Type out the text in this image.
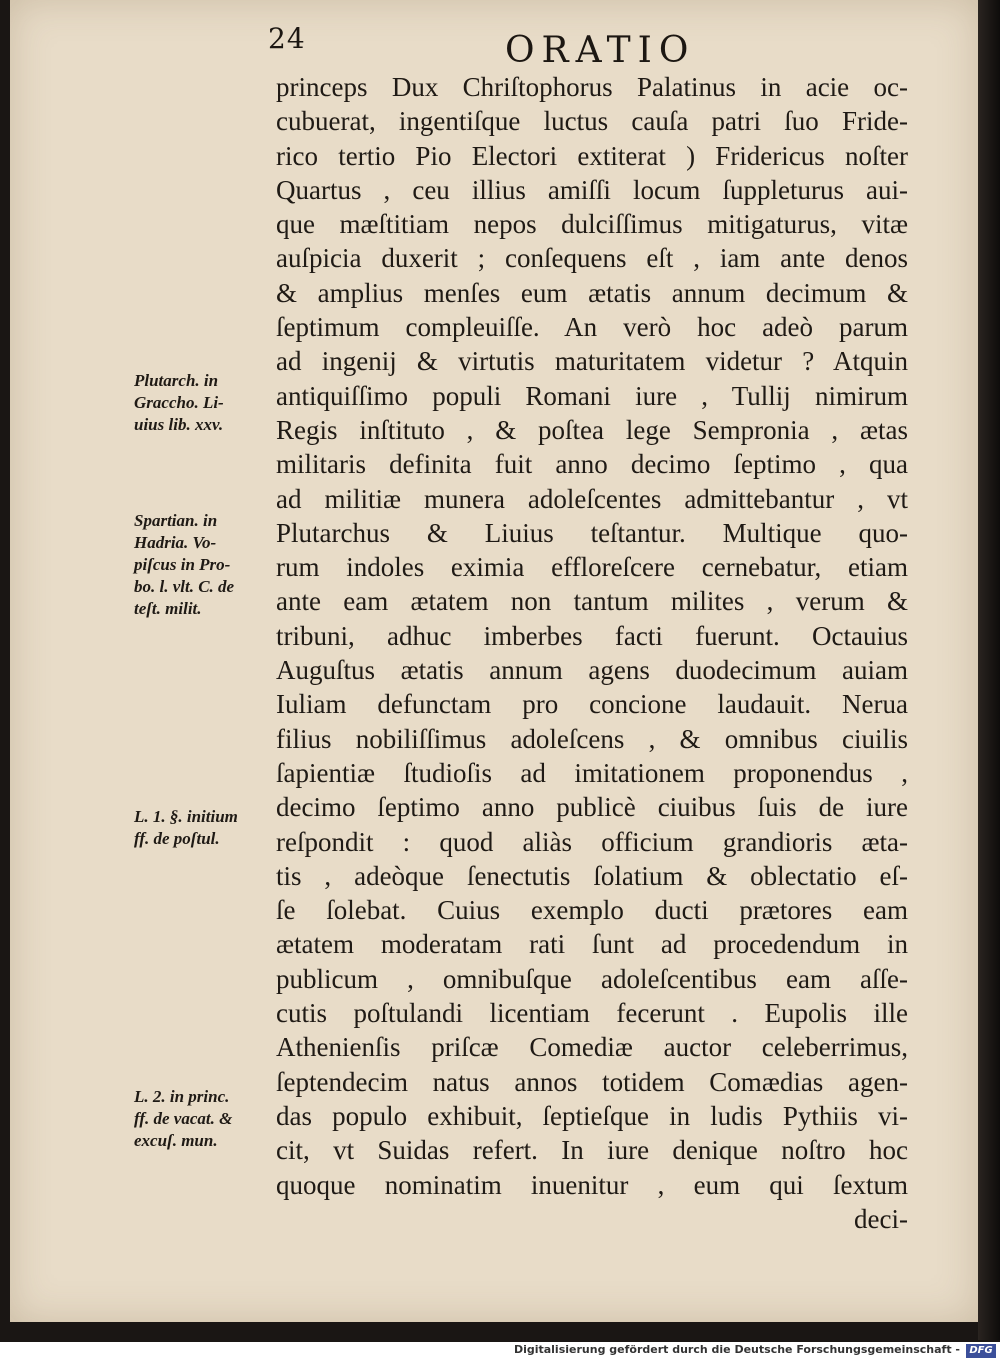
24	ORATIO
princeps Dux Chriſtophorus Palatinus in acie oc-
cubuerat, ingentiſque luctus cauſa patri ſuo Fride-
rico tertio Pio Electori extiterat ) Fridericus noſter
Quartus , ceu illius amiſſi locum ſuppleturus aui-
que mæſtitiam nepos dulciſſimus mitigaturus, vitæ
auſpicia duxerit ; conſequens eſt , iam ante denos
& amplius menſes eum ætatis annum decimum &
ſeptimum compleuiſſe. An verò hoc adeò parum
ad ingenij & virtutis maturitatem videtur ? Atquin
antiquiſſimo populi Romani iure , Tullij nimirum
Regis inſtituto , & poſtea lege Sempronia , ætas
militaris definita fuit anno decimo ſeptimo , qua
ad militiæ munera adoleſcentes admittebantur , vt
Plutarchus & Liuius teſtantur. Multique quo-
rum indoles eximia efflorеſcere cernebatur, etiam
ante eam ætatem non tantum milites , verum &
tribuni, adhuc imberbes facti fuerunt. Octauius
Auguſtus ætatis annum agens duodecimum auiam
Iuliam defunctam pro concione laudauit. Nerua
filius nobiliſſimus adoleſcens , & omnibus ciuilis
ſapientiæ ſtudioſis ad imitationem proponendus ,
decimo ſeptimo anno publicè ciuibus ſuis de iure
reſpondit : quod aliàs officium grandioris æta-
tis , adeòque ſenectutis ſolatium & oblectatio eſ-
ſe ſolebat. Cuius exemplo ducti prætores eam
ætatem moderatam rati ſunt ad procedendum in
publicum , omnibuſque adoleſcentibus eam aſſe-
cutis poſtulandi licentiam fecerunt . Eupolis ille
Athenienſis priſcæ Comediæ auctor celeberrimus,
ſeptendecim natus annos totidem Comædias agen-
das populo exhibuit, ſeptieſque in ludis Pythiis vi-
cit, vt Suidas refert. In iure denique noſtro hoc
quoque nominatim inuenitur , eum qui ſextum
deci-
Plutarch. in
Graccho. Li-
uius lib. xxv.
Spartian. in
Hadria. Vo-
piſcus in Pro-
bo. l. vlt. C. de
teſt. milit.
L. 1. §. initium
ff. de poſtul.
L. 2. in princ.
ff. de vacat. &
excuſ. mun.
Digitalisierung gefördert durch die Deutsche Forschungsgemeinschaft - DFG
